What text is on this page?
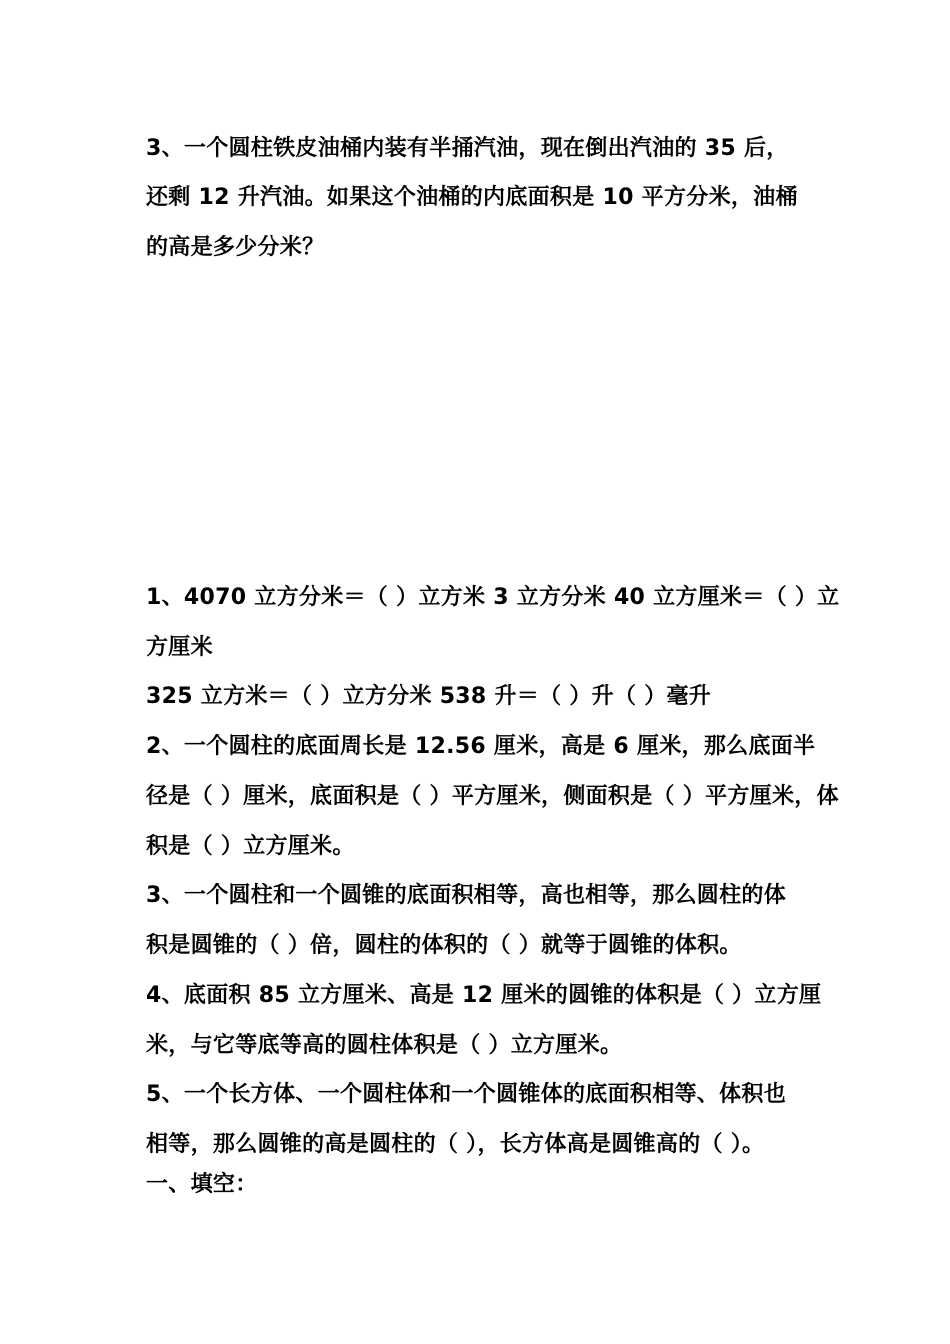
3、一个圆柱铁皮油桶内装有半捅汽油，现在倒出汽油的 35 后，
还剩 12 升汽油。如果这个油桶的内底面积是 10 平方分米，油桶
的高是多少分米？
1、4070 立方分米＝（ ）立方米 3 立方分米 40 立方厘米＝（ ）立
方厘米
325 立方米＝（ ）立方分米 538 升＝（ ）升（ ）毫升
2、一个圆柱的底面周长是 12.56 厘米，高是 6 厘米，那么底面半
径是（ ）厘米，底面积是（ ）平方厘米，侧面积是（ ）平方厘米，体
积是（ ）立方厘米。
3、一个圆柱和一个圆锥的底面积相等，高也相等，那么圆柱的体
积是圆锥的（ ）倍，圆柱的体积的（ ）就等于圆锥的体积。
4、底面积 85 立方厘米、高是 12 厘米的圆锥的体积是（ ）立方厘
米，与它等底等高的圆柱体积是（ ）立方厘米。
5、一个长方体、一个圆柱体和一个圆锥体的底面积相等、体积也
相等，那么圆锥的高是圆柱的（ ），长方体高是圆锥高的（ ）。
一、填空：
